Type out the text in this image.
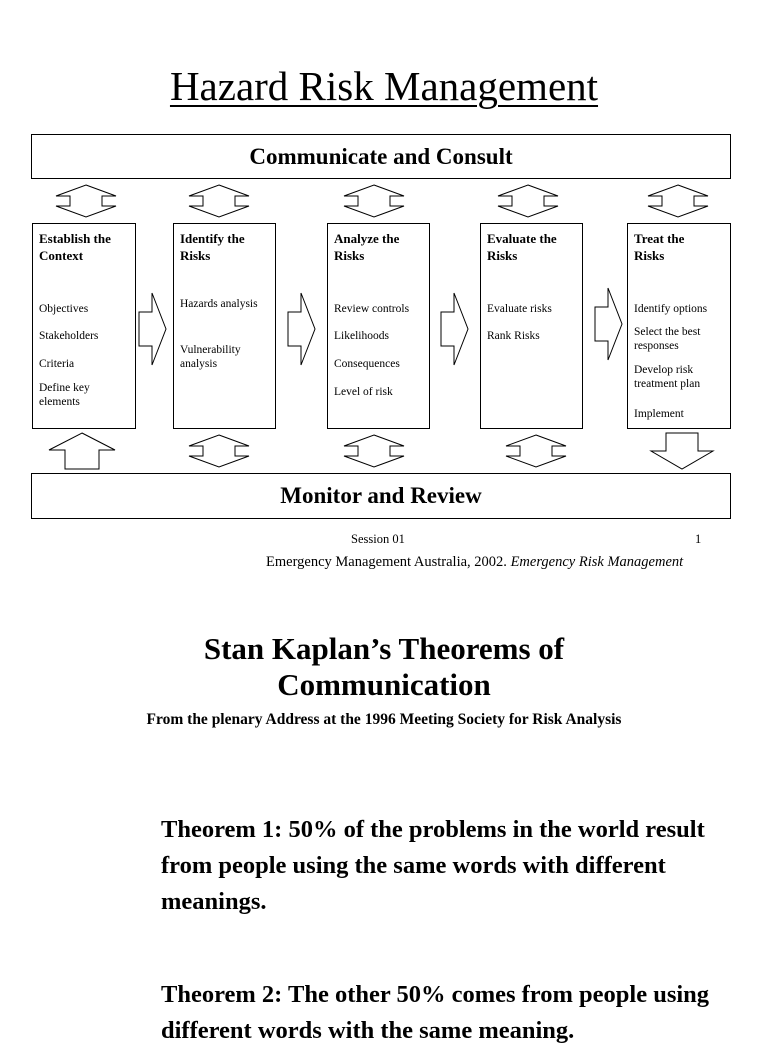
Hazard Risk Management
Communicate and Consult
Establish the
Context
Objectives
Stakeholders
Criteria
Define key elements
Identify the
Risks
Hazards analysis
Vulnerability analysis
Analyze the
Risks
Review controls
Likelihoods
Consequences
Level of risk
Evaluate the
Risks
Evaluate risks
Rank Risks
Treat the
Risks
Identify options
Select the best responses
Develop risk treatment plan
Implement
Monitor and Review
Session 01	1
Emergency Management Australia, 2002. Emergency Risk Management
Stan Kaplan’s Theorems of
Communication
From the plenary Address at the 1996 Meeting Society for Risk Analysis
Theorem 1: 50% of the problems in the world result from people using the same words with different meanings.
Theorem 2: The other 50% comes from people using different words with the same meaning.
